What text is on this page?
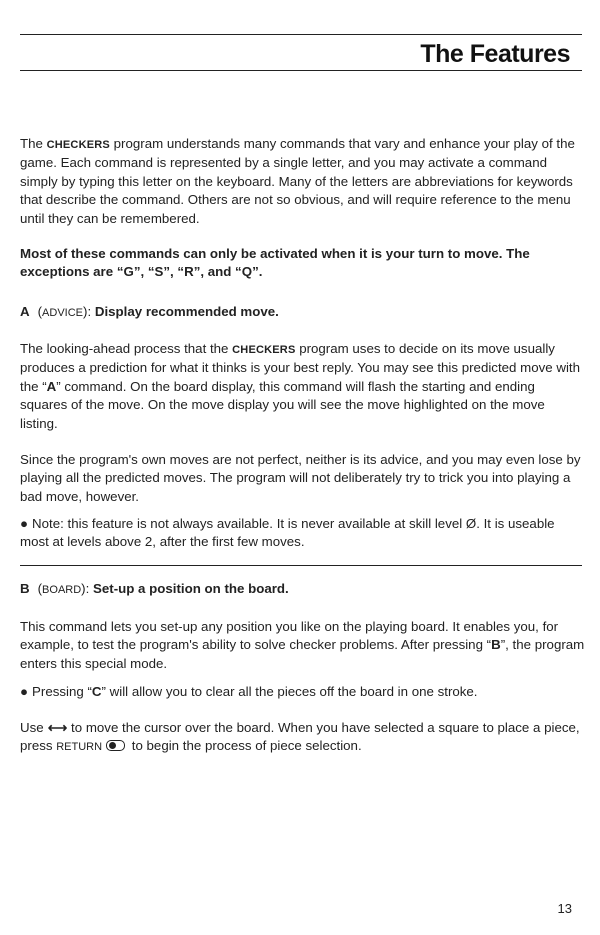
The Features

The CHECKERS program understands many commands that vary and enhance your play of the game. Each command is represented by a single letter, and you may activate a command simply by typing this letter on the keyboard. Many of the letters are abbreviations for keywords that describe the command. Others are not so obvious, and will require reference to the menu until they can be remembered.

Most of these commands can only be activated when it is your turn to move. The exceptions are “G”, “S”, “R”, and “Q”.

A (ADVICE): Display recommended move.

The looking-ahead process that the CHECKERS program uses to decide on its move usually produces a prediction for what it thinks is your best reply. You may see this predicted move with the “A” command. On the board display, this command will flash the starting and ending squares of the move. On the move display you will see the move highlighted on the move listing.

Since the program's own moves are not perfect, neither is its advice, and you may even lose by playing all the predicted moves. The program will not deliberately try to trick you into playing a bad move, however.

● Note: this feature is not always available. It is never available at skill level Ø. It is useable most at levels above 2, after the first few moves.

B (BOARD): Set-up a position on the board.

This command lets you set-up any position you like on the playing board. It enables you, for example, to test the program's ability to solve checker problems. After pressing “B”, the program enters this special mode.

● Pressing “C” will allow you to clear all the pieces off the board in one stroke.

Use ⟷ to move the cursor over the board. When you have selected a square to place a piece, press RETURN to begin the process of piece selection.

13
